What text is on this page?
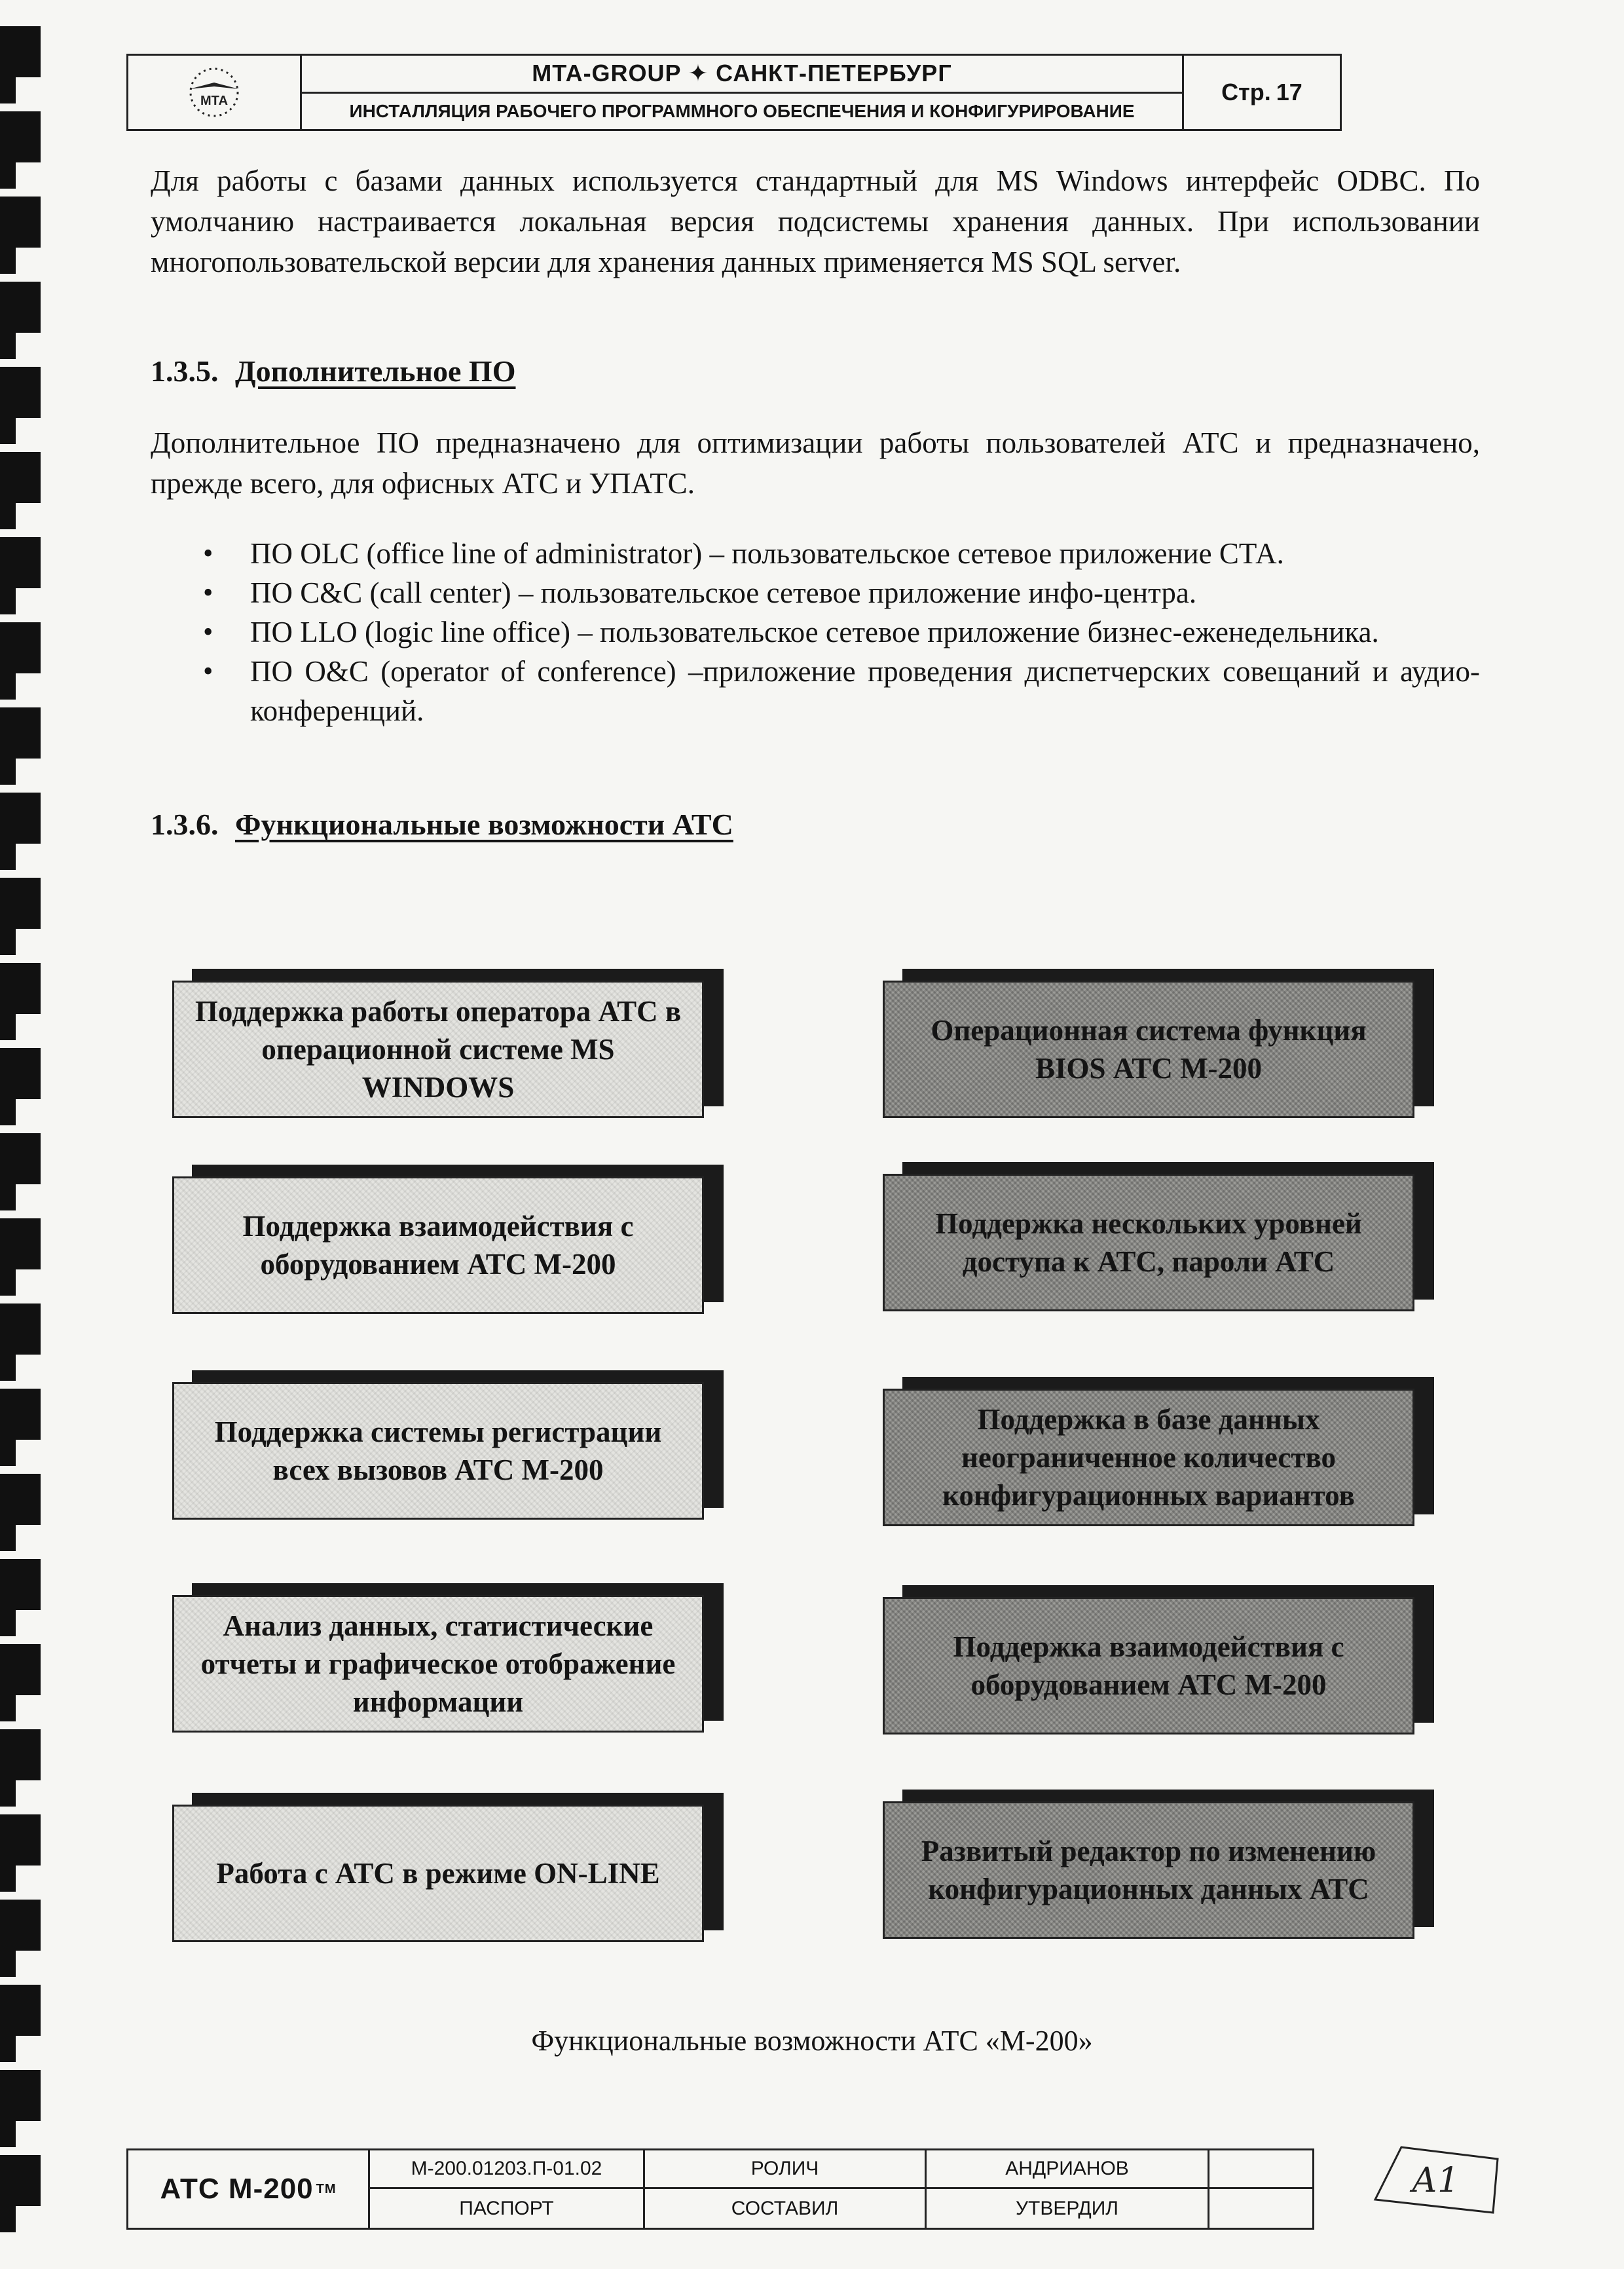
МТА
MTA-GROUP ✦ САНКТ-ПЕТЕРБУРГ
ИНСТАЛЛЯЦИЯ РАБОЧЕГО ПРОГРАММНОГО ОБЕСПЕЧЕНИЯ И КОНФИГУРИРОВАНИЕ
Стр. 17

Для работы с базами данных используется стандартный для MS Windows интерфейс ODBC. По умолчанию настраивается локальная версия подсистемы хранения данных. При использовании многопользовательской версии для хранения данных применяется MS SQL server.

1.3.5. Дополнительное ПО

Дополнительное ПО предназначено для оптимизации работы пользователей АТС и предназначено, прежде всего, для офисных АТС и УПАТС.

• ПО OLC (office line of administrator) – пользовательское сетевое приложение СТА.
• ПО C&C (call center) – пользовательское сетевое приложение инфо-центра.
• ПО LLO (logic line office) – пользовательское сетевое приложение бизнес-еженедельника.
• ПО O&C (operator of conference) –приложение проведения диспетчерских совещаний и аудио-конференций.
1.3.6. Функциональные возможности АТС
Поддержка работы оператора АТС в операционной системе MS WINDOWS
Поддержка взаимодействия с оборудованием АТС М-200
Поддержка системы регистрации всех вызовов АТС М-200
Анализ данных, статистические отчеты и графическое отображение информации
Работа с АТС в режиме ON-LINE
Операционная система функция BIOS АТС М-200
Поддержка нескольких уровней доступа к АТС, пароли АТС
Поддержка в базе данных неограниченное количество конфигурационных вариантов
Поддержка взаимодействия с оборудованием АТС М-200
Развитый редактор по изменению конфигурационных данных АТС

Функциональные возможности АТС «М-200»

АТС М-200 ТМ
М-200.01203.П-01.02	РОЛИЧ	АНДРИАНОВ
ПАСПОРТ	СОСТАВИЛ	УТВЕРДИЛ
А1
